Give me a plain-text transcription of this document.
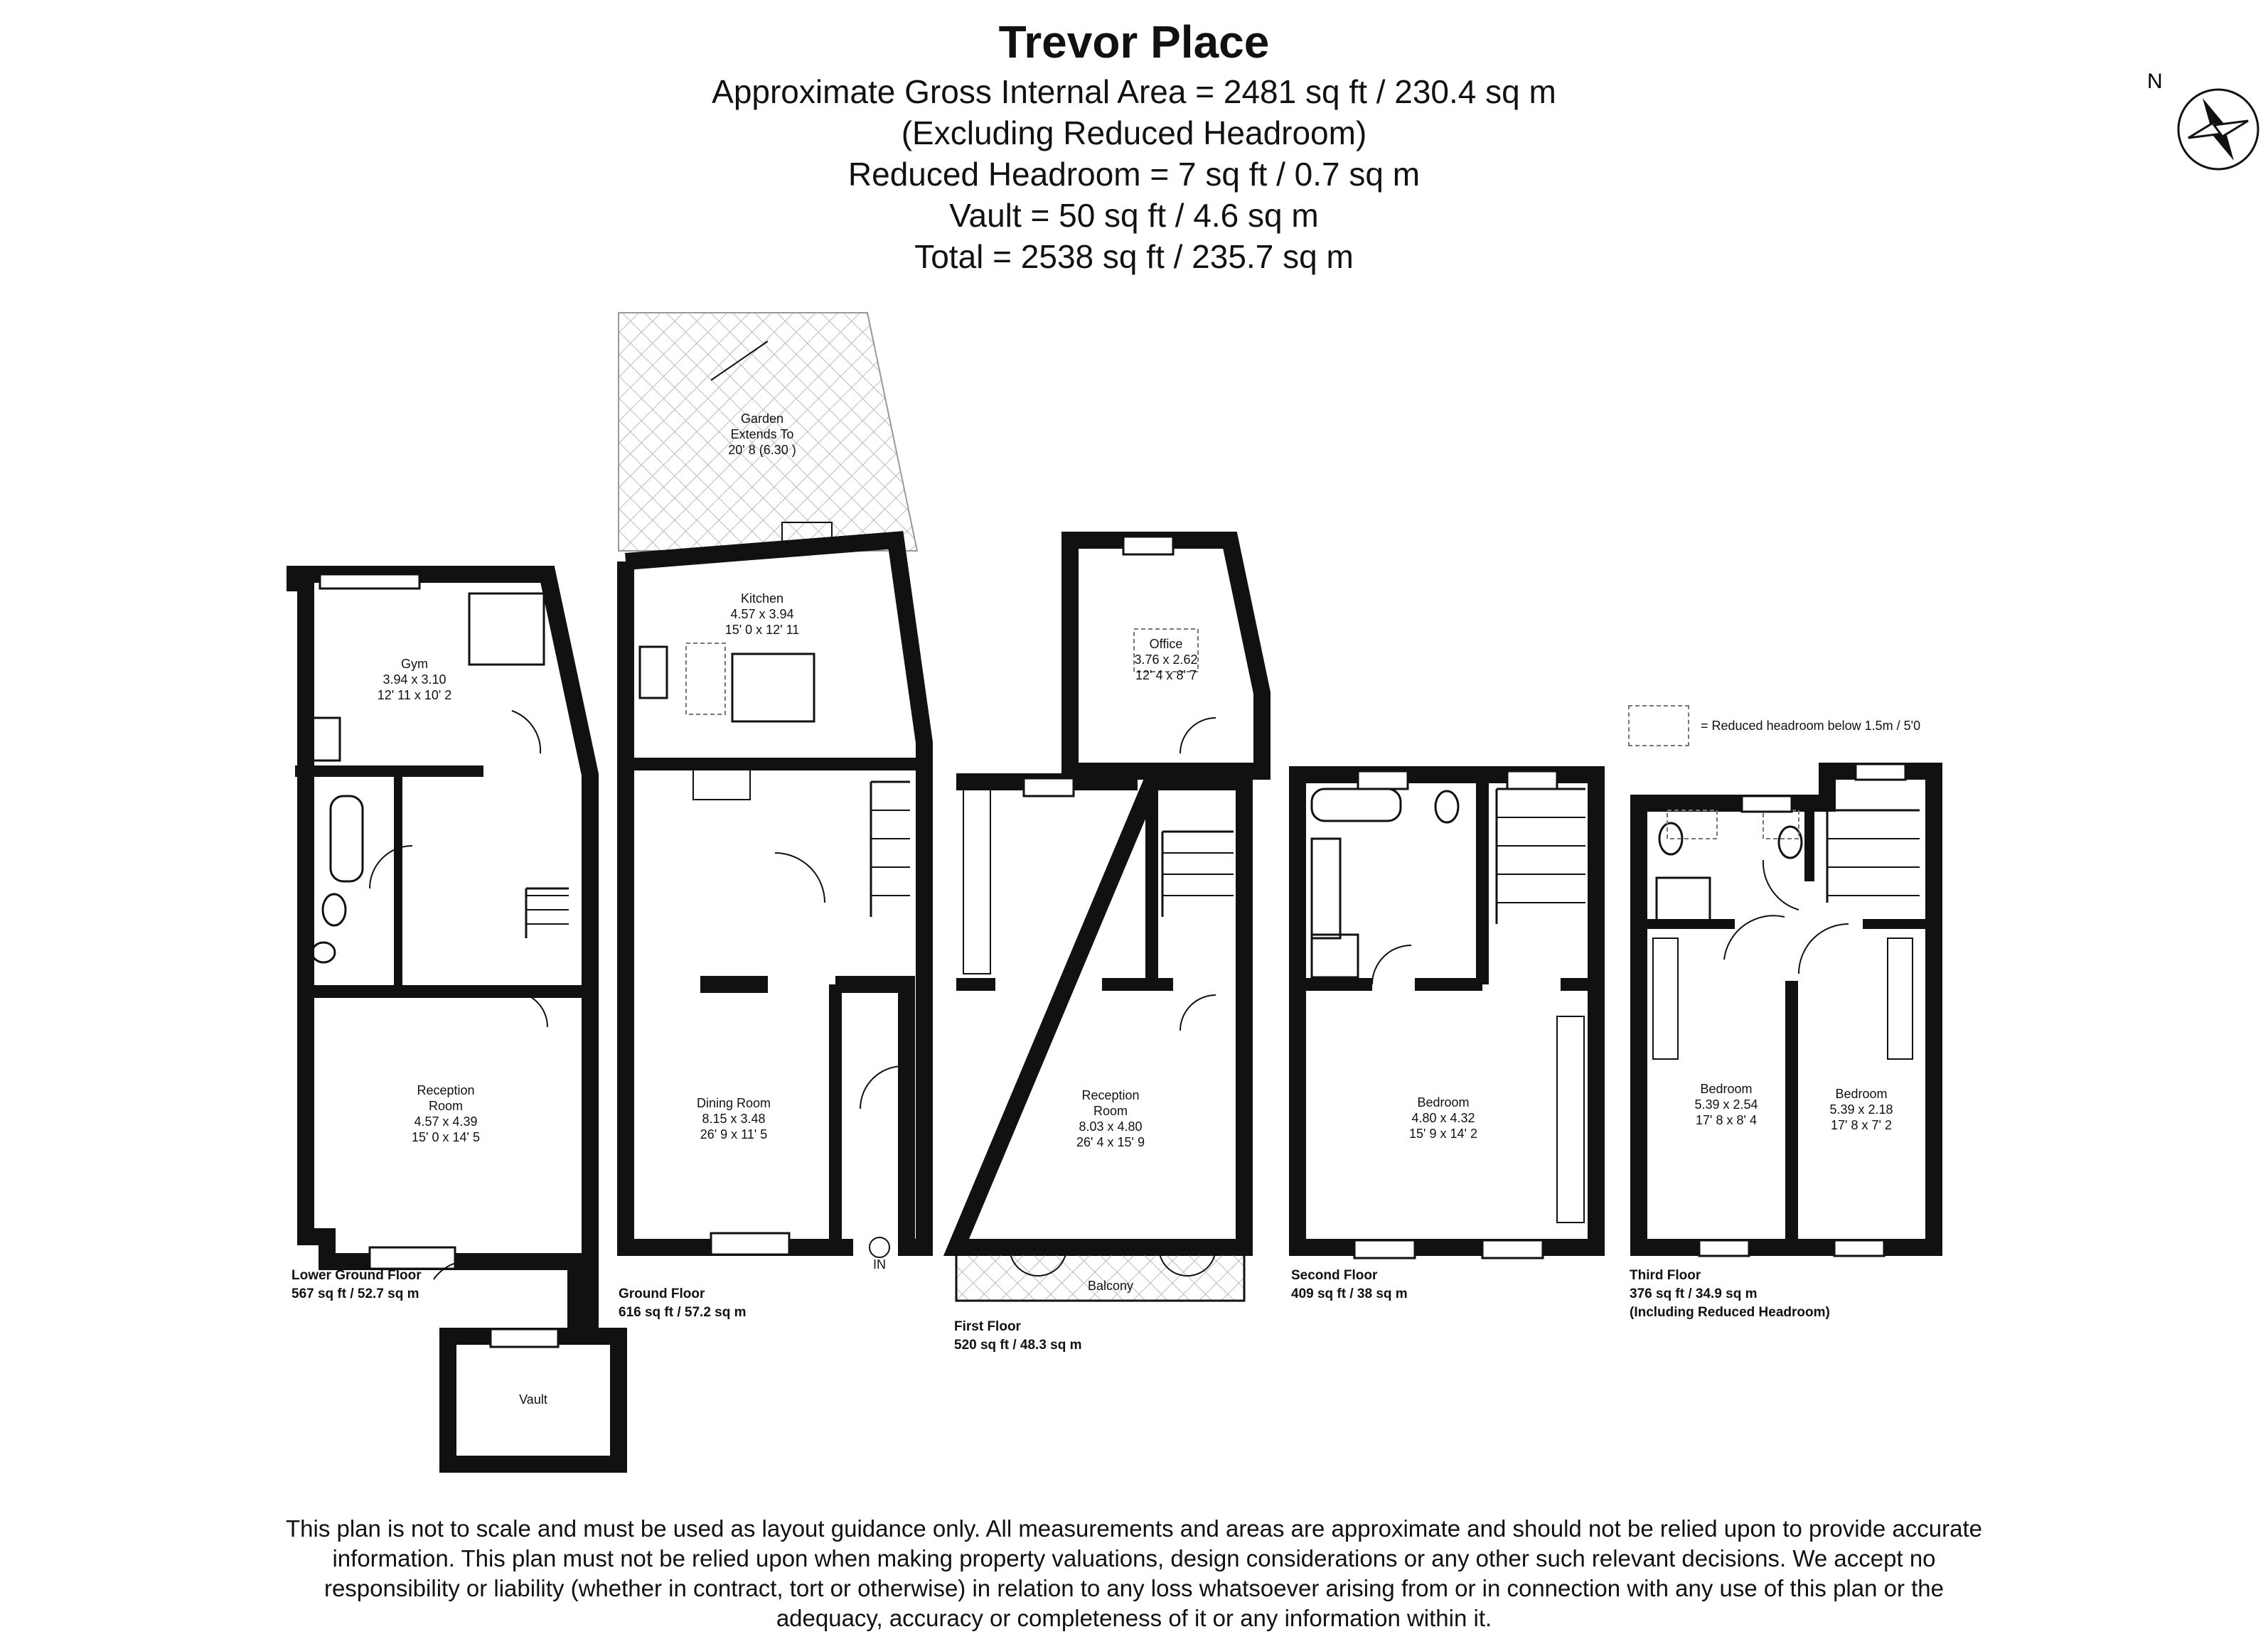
Trevor Place
Approximate Gross Internal Area = 2481 sq ft / 230.4 sq m
(Excluding Reduced Headroom)
Reduced Headroom = 7 sq ft / 0.7 sq m
Vault = 50 sq ft / 4.6 sq m
Total = 2538 sq ft / 235.7 sq m
N
= Reduced headroom below 1.5m / 5'0
Gym
3.94 x 3.10
12' 11 x 10' 2
Reception
Room
4.57 x 4.39
15' 0 x 14' 5
Vault
Lower Ground Floor
567 sq ft / 52.7 sq m
Garden
Extends To
20' 8 (6.30 )
Kitchen
4.57 x 3.94
15' 0 x 12' 11
Dining Room
8.15 x 3.48
26' 9 x 11' 5
IN
Ground Floor
616 sq ft / 57.2 sq m
Office
3.76 x 2.62
12' 4 x 8' 7
Reception
Room
8.03 x 4.80
26' 4 x 15' 9
Balcony
First Floor
520 sq ft / 48.3 sq m
Bedroom
4.80 x 4.32
15' 9 x 14' 2
Second Floor
409 sq ft / 38 sq m
Bedroom
5.39 x 2.54
17' 8 x 8' 4
Bedroom
5.39 x 2.18
17' 8 x 7' 2
Third Floor
376 sq ft / 34.9 sq m
(Including Reduced Headroom)
This plan is not to scale and must be used as layout guidance only. All measurements and areas are approximate and should not be relied upon to provide accurate information. This plan must not be relied upon when making property valuations, design considerations or any other such relevant decisions. We accept no responsibility or liability (whether in contract, tort or otherwise) in relation to any loss whatsoever arising from or in connection with any use of this plan or the adequacy, accuracy or completeness of it or any information within it.
